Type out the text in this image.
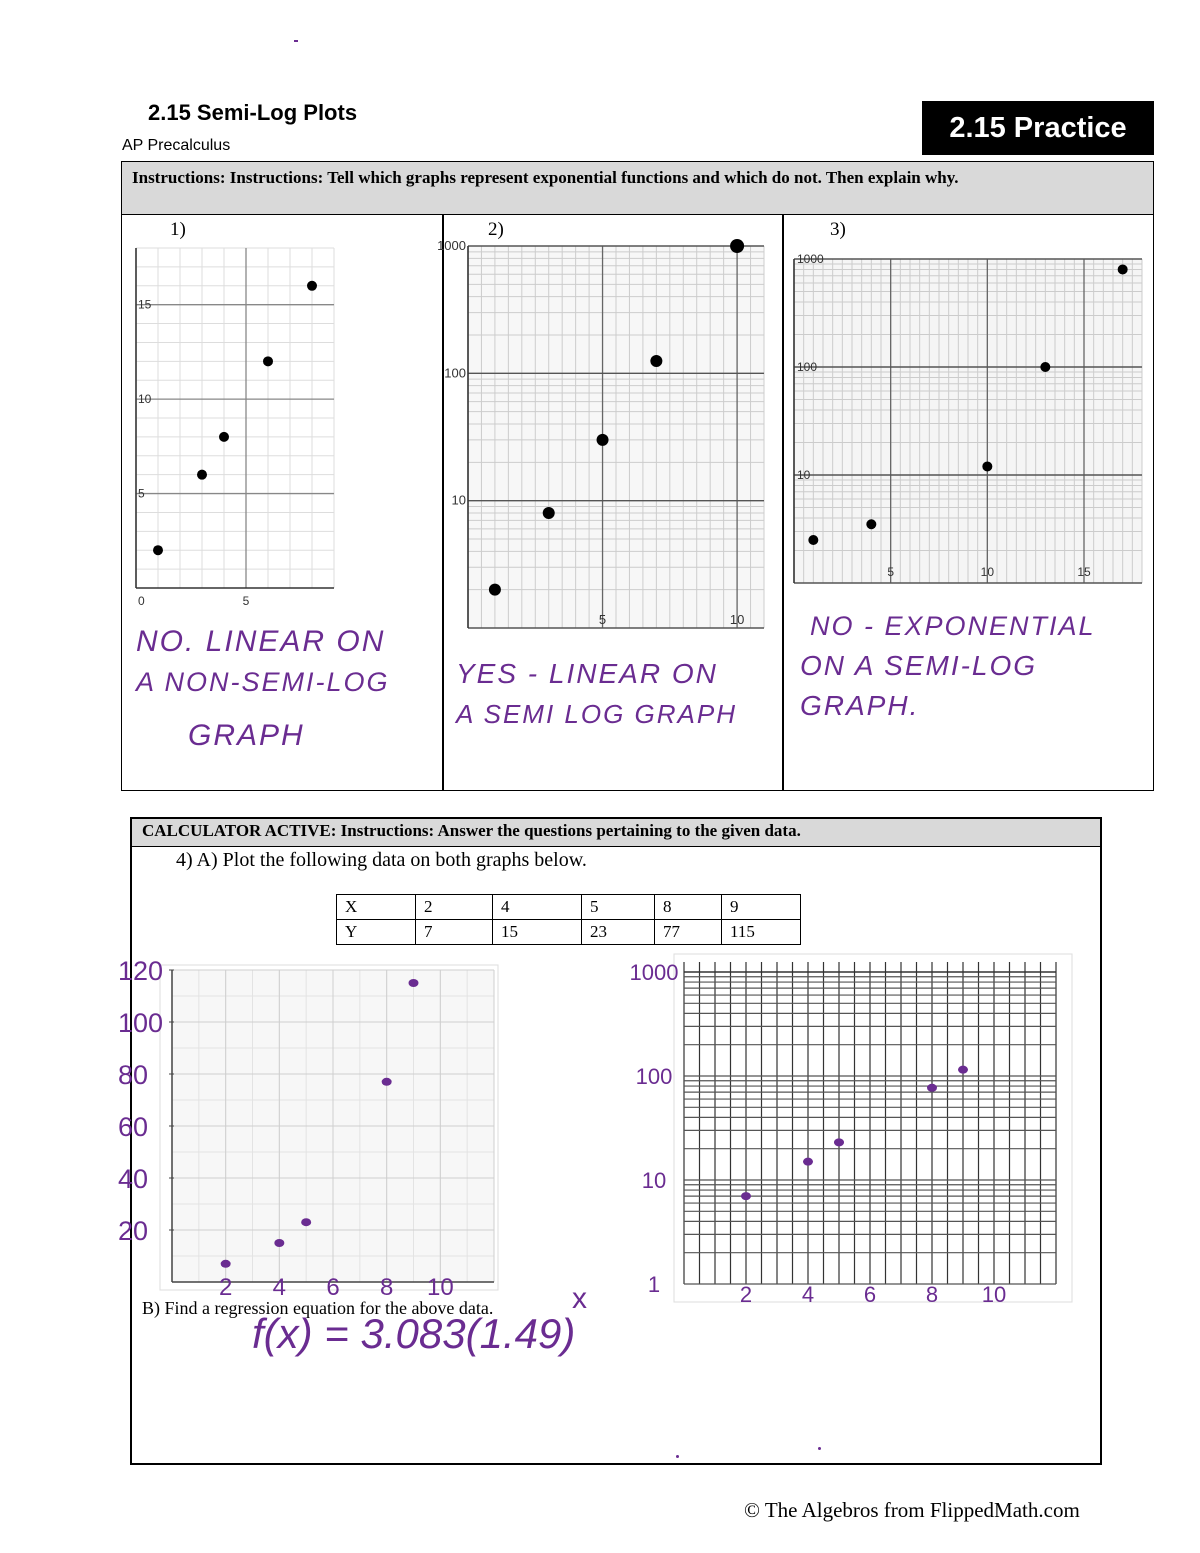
2.15 Semi-Log Plots
AP Precalculus
2.15 Practice
Instructions: Instructions: Tell which graphs represent exponential functions and which do not. Then explain why.
1)	2)	3)
0	5
15
10
5
1000
100
10
5	10
1000
100
10
5	10	15
NO. LINEAR ON
A NON-SEMI-LOG
GRAPH
YES - LINEAR ON
A SEMI LOG GRAPH
NO - EXPONENTIAL
ON A SEMI-LOG
GRAPH.
CALCULATOR ACTIVE: Instructions: Answer the questions pertaining to the given data.
4) A) Plot the following data on both graphs below.
X	2	4	5	8	9
Y	7	15	23	77	115
120
100
80
60
40
20
2 4 6 8 10
1000
100
10
1	2 4 6 8 10
B) Find a regression equation for the above data.
f(x) = 3.083(1.49)
x
© The Algebros from FlippedMath.com
